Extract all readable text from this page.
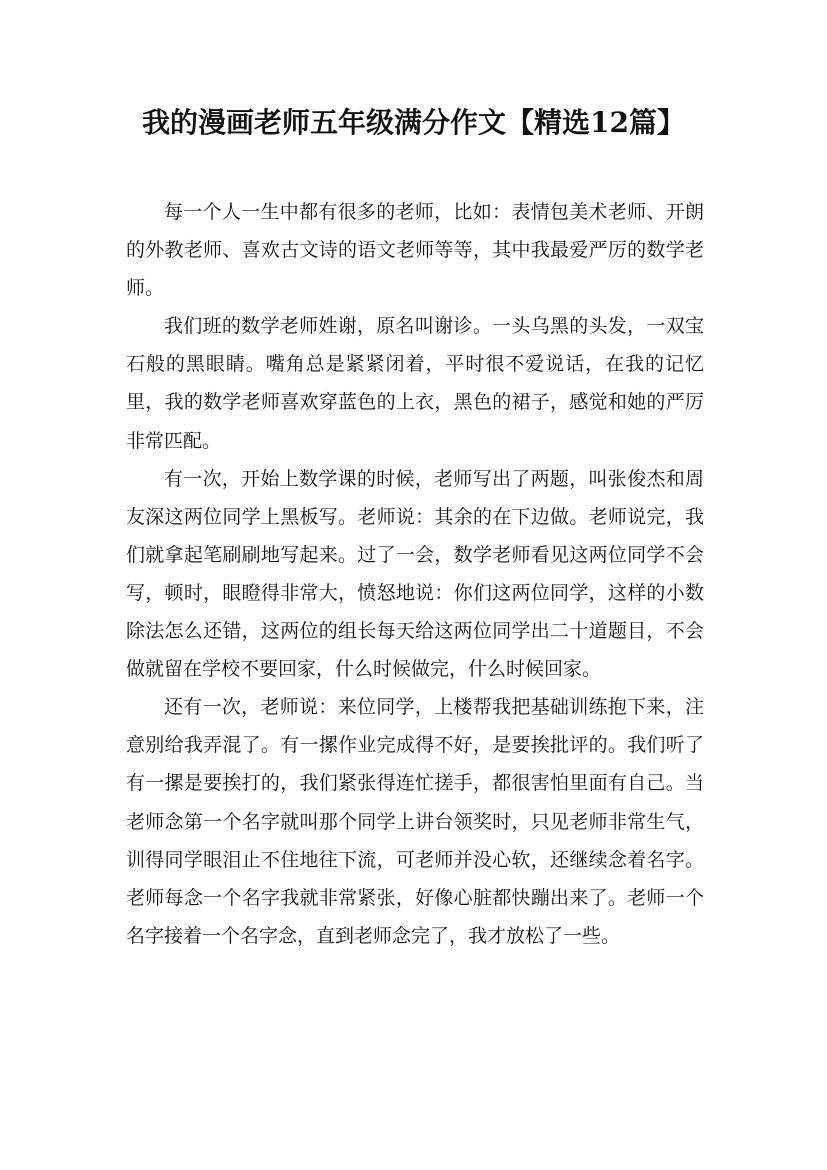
我的漫画老师五年级满分作文【精选12篇】

每一个人一生中都有很多的老师，比如：表情包美术老师、开朗的外教老师、喜欢古文诗的语文老师等等，其中我最爱严厉的数学老师。

我们班的数学老师姓谢，原名叫谢诊。一头乌黑的头发，一双宝石般的黑眼睛。嘴角总是紧紧闭着，平时很不爱说话，在我的记忆里，我的数学老师喜欢穿蓝色的上衣，黑色的裙子，感觉和她的严厉非常匹配。

有一次，开始上数学课的时候，老师写出了两题，叫张俊杰和周友深这两位同学上黑板写。老师说：其余的在下边做。老师说完，我们就拿起笔刷刷地写起来。过了一会，数学老师看见这两位同学不会写，顿时，眼瞪得非常大，愤怒地说：你们这两位同学，这样的小数除法怎么还错，这两位的组长每天给这两位同学出二十道题目，不会做就留在学校不要回家，什么时候做完，什么时候回家。

还有一次，老师说：来位同学，上楼帮我把基础训练抱下来，注意别给我弄混了。有一摞作业完成得不好，是要挨批评的。我们听了有一摞是要挨打的，我们紧张得连忙搓手，都很害怕里面有自己。当老师念第一个名字就叫那个同学上讲台领奖时，只见老师非常生气，训得同学眼泪止不住地往下流，可老师并没心软，还继续念着名字。老师每念一个名字我就非常紧张，好像心脏都快蹦出来了。老师一个名字接着一个名字念，直到老师念完了，我才放松了一些。
